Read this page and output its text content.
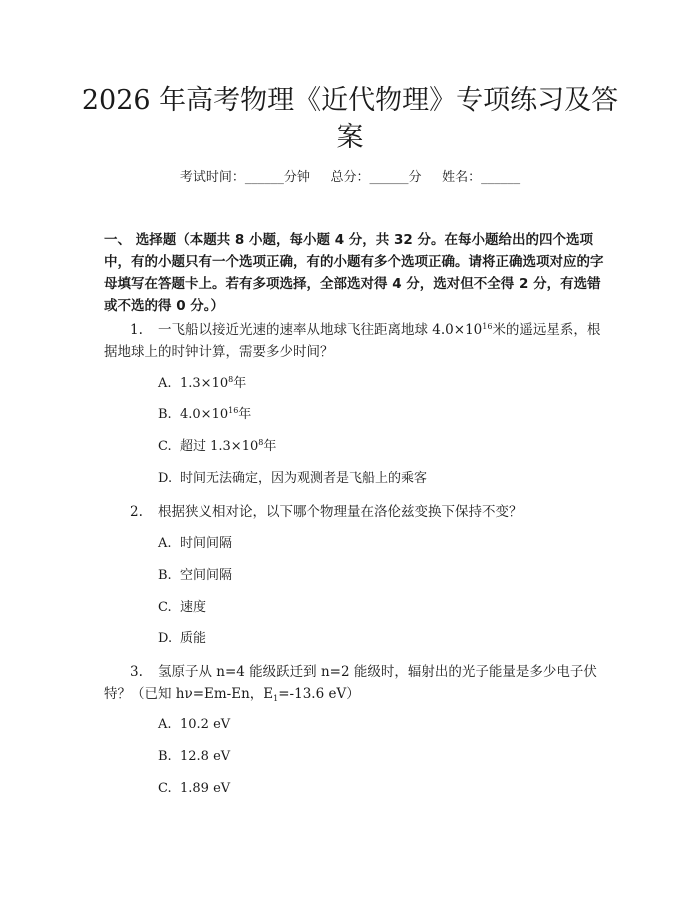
2026 年高考物理《近代物理》专项练习及答案
考试时间：______分钟     总分：______分     姓名：______
一、 选择题（本题共 8 小题，每小题 4 分，共 32 分。在每小题给出的四个选项中，有的小题只有一个选项正确，有的小题有多个选项正确。请将正确选项对应的字母填写在答题卡上。若有多项选择，全部选对得 4 分，选对但不全得 2 分，有选错或不选的得 0 分。）
1. 一飞船以接近光速的速率从地球飞往距离地球 $4.0\times 10^{16}$米的遥远星系，根据地球上的时钟计算，需要多少时间？
A. $1.3\times 10^8$年
B. $4.0\times 10^{16}$年
C. 超过 $1.3\times 10^8$年
D. 时间无法确定，因为观测者是飞船上的乘客
2. 根据狭义相对论，以下哪个物理量在洛伦兹变换下保持不变？
A. 时间间隔
B. 空间间隔
C. 速度
D. 质能
3. 氢原子从 n=4 能级跃迁到 n=2 能级时，辐射出的光子能量是多少电子伏特？（已知 hν=Em-En，$E_1=-13.6$ eV）
A. 10.2 eV
B. 12.8 eV
C. 1.89 eV
